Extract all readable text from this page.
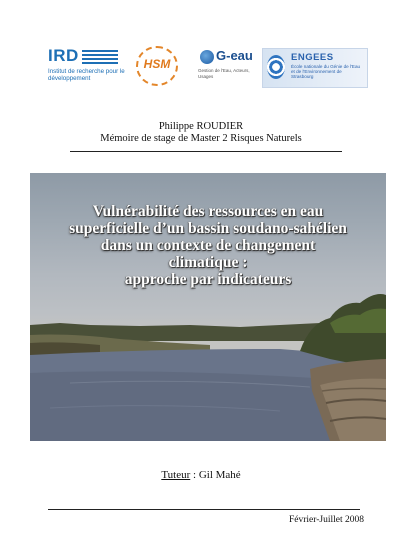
IRD
Institut de recherche pour le développement
HSM
G-eau
Gestion de l'Eau, Acteurs, Usages
ENGEES
École nationale du Génie de l'Eau et de l'Environnement de Strasbourg
Philippe ROUDIER
Mémoire de stage de Master 2 Risques Naturels
Vulnérabilité des ressources en eau
superficielle d’un bassin soudano-sahélien
dans un contexte de changement
climatique :
approche par indicateurs
Tuteur : Gil Mahé
Février-Juillet 2008
